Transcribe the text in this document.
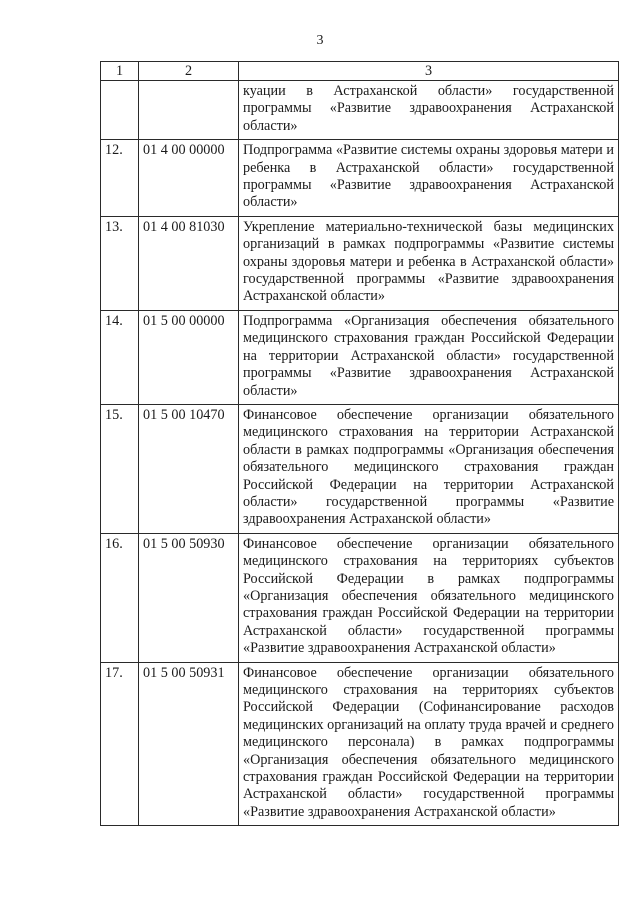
3
1	2	3
		куации в Астраханской области» государственной программы «Развитие здравоохранения Астраханской области»
12.	01 4 00 00000	Подпрограмма «Развитие системы охраны здоровья матери и ребенка в Астраханской области» государственной программы «Развитие здравоохранения Астраханской области»
13.	01 4 00 81030	Укрепление материально-технической базы медицинских организаций в рамках подпрограммы «Развитие системы охраны здоровья матери и ребенка в Астраханской области» государственной программы «Развитие здравоохранения Астраханской области»
14.	01 5 00 00000	Подпрограмма «Организация обеспечения обязательного медицинского страхования граждан Российской Федерации на территории Астраханской области» государственной программы «Развитие здравоохранения Астраханской области»
15.	01 5 00 10470	Финансовое обеспечение организации обязательного медицинского страхования на территории Астраханской области в рамках подпрограммы «Организация обеспечения обязательного медицинского страхования граждан Российской Федерации на территории Астраханской области» государственной программы «Развитие здравоохранения Астраханской области»
16.	01 5 00 50930	Финансовое обеспечение организации обязательного медицинского страхования на территориях субъектов Российской Федерации в рамках подпрограммы «Организация обеспечения обязательного медицинского страхования граждан Российской Федерации на территории Астраханской области» государственной программы «Развитие здравоохранения Астраханской области»
17.	01 5 00 50931	Финансовое обеспечение организации обязательного медицинского страхования на территориях субъектов Российской Федерации (Софинансирование расходов медицинских организаций на оплату труда врачей и среднего медицинского персонала) в рамках подпрограммы «Организация обеспечения обязательного медицинского страхования граждан Российской Федерации на территории Астраханской области» государственной программы «Развитие здравоохранения Астраханской области»
